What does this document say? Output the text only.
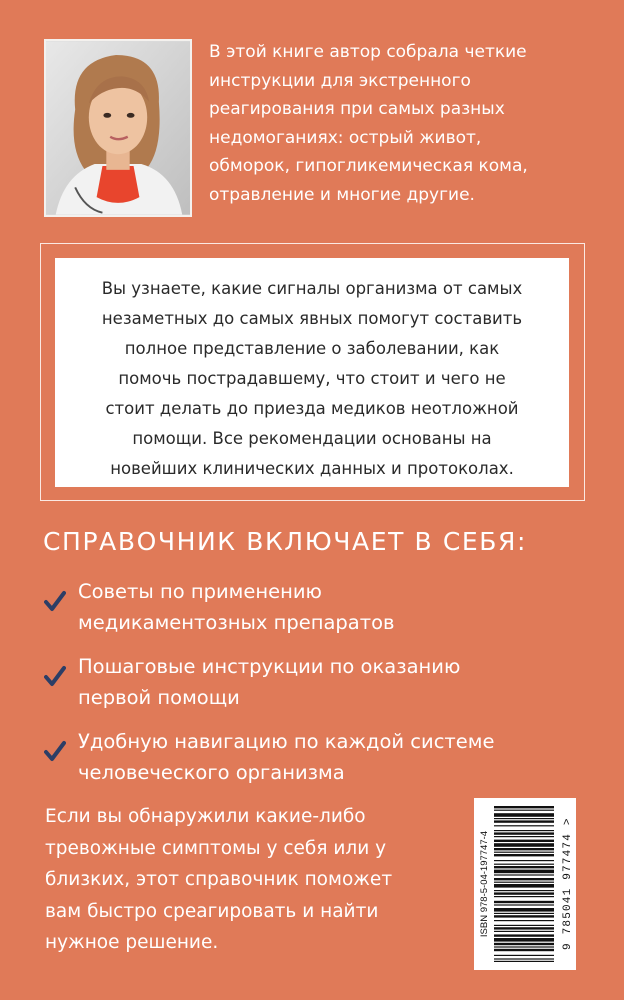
В этой книге автор собрала четкие
инструкции для экстренного
реагирования при самых разных
недомоганиях: острый живот,
обморок, гипогликемическая кома,
отравление и многие другие.
Вы узнаете, какие сигналы организма от самых
незаметных до самых явных помогут составить
полное представление о заболевании, как
помочь пострадавшему, что стоит и чего не
стоит делать до приезда медиков неотложной
помощи. Все рекомендации основаны на
новейших клинических данных и протоколах.
СПРАВОЧНИК ВКЛЮЧАЕТ В СЕБЯ:
Советы по применению
медикаментозных препаратов
Пошаговые инструкции по оказанию
первой помощи
Удобную навигацию по каждой системе
человеческого организма
Если вы обнаружили какие-либо
тревожные симптомы у себя или у
близких, этот справочник поможет
вам быстро среагировать и найти
нужное решение.
ISBN 978-5-04-197747-4	9 785041 977474 >
